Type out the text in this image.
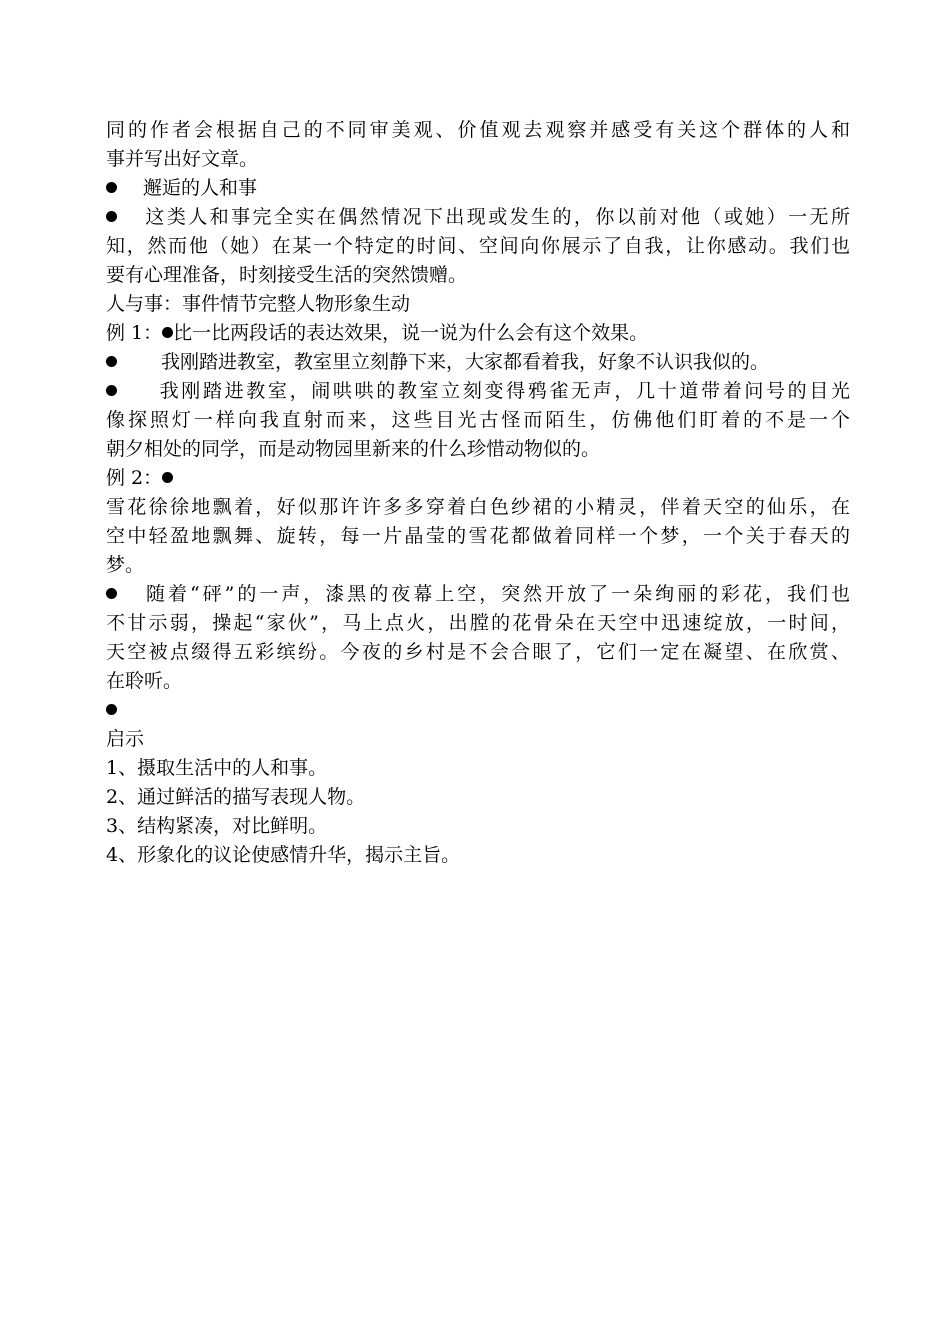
同的作者会根据自己的不同审美观、价值观去观察并感受有关这个群体的人和
事并写出好文章。
邂逅的人和事
这类人和事完全实在偶然情况下出现或发生的，你以前对他（或她）一无所
知，然而他（她）在某一个特定的时间、空间向你展示了自我，让你感动。我们也
要有心理准备，时刻接受生活的突然馈赠。
人与事：事件情节完整人物形象生动
例 1： 比一比两段话的表达效果，说一说为什么会有这个效果。
我刚踏进教室，教室里立刻静下来，大家都看着我，好象不认识我似的。
我刚踏进教室，闹哄哄的教室立刻变得鸦雀无声，几十道带着问号的目光
像探照灯一样向我直射而来，这些目光古怪而陌生，仿佛他们盯着的不是一个
朝夕相处的同学，而是动物园里新来的什么珍惜动物似的。
例 2：
雪花徐徐地飘着，好似那许许多多穿着白色纱裙的小精灵，伴着天空的仙乐，在
空中轻盈地飘舞、旋转，每一片晶莹的雪花都做着同样一个梦，一个关于春天的
梦。
随着“砰”的一声，漆黑的夜幕上空，突然开放了一朵绚丽的彩花，我们也
不甘示弱，操起“家伙”，马上点火，出膛的花骨朵在天空中迅速绽放，一时间，
天空被点缀得五彩缤纷。今夜的乡村是不会合眼了，它们一定在凝望、在欣赏、
在聆听。
启示
1、摄取生活中的人和事。
2、通过鲜活的描写表现人物。
3、结构紧凑，对比鲜明。
4、形象化的议论使感情升华，揭示主旨。
